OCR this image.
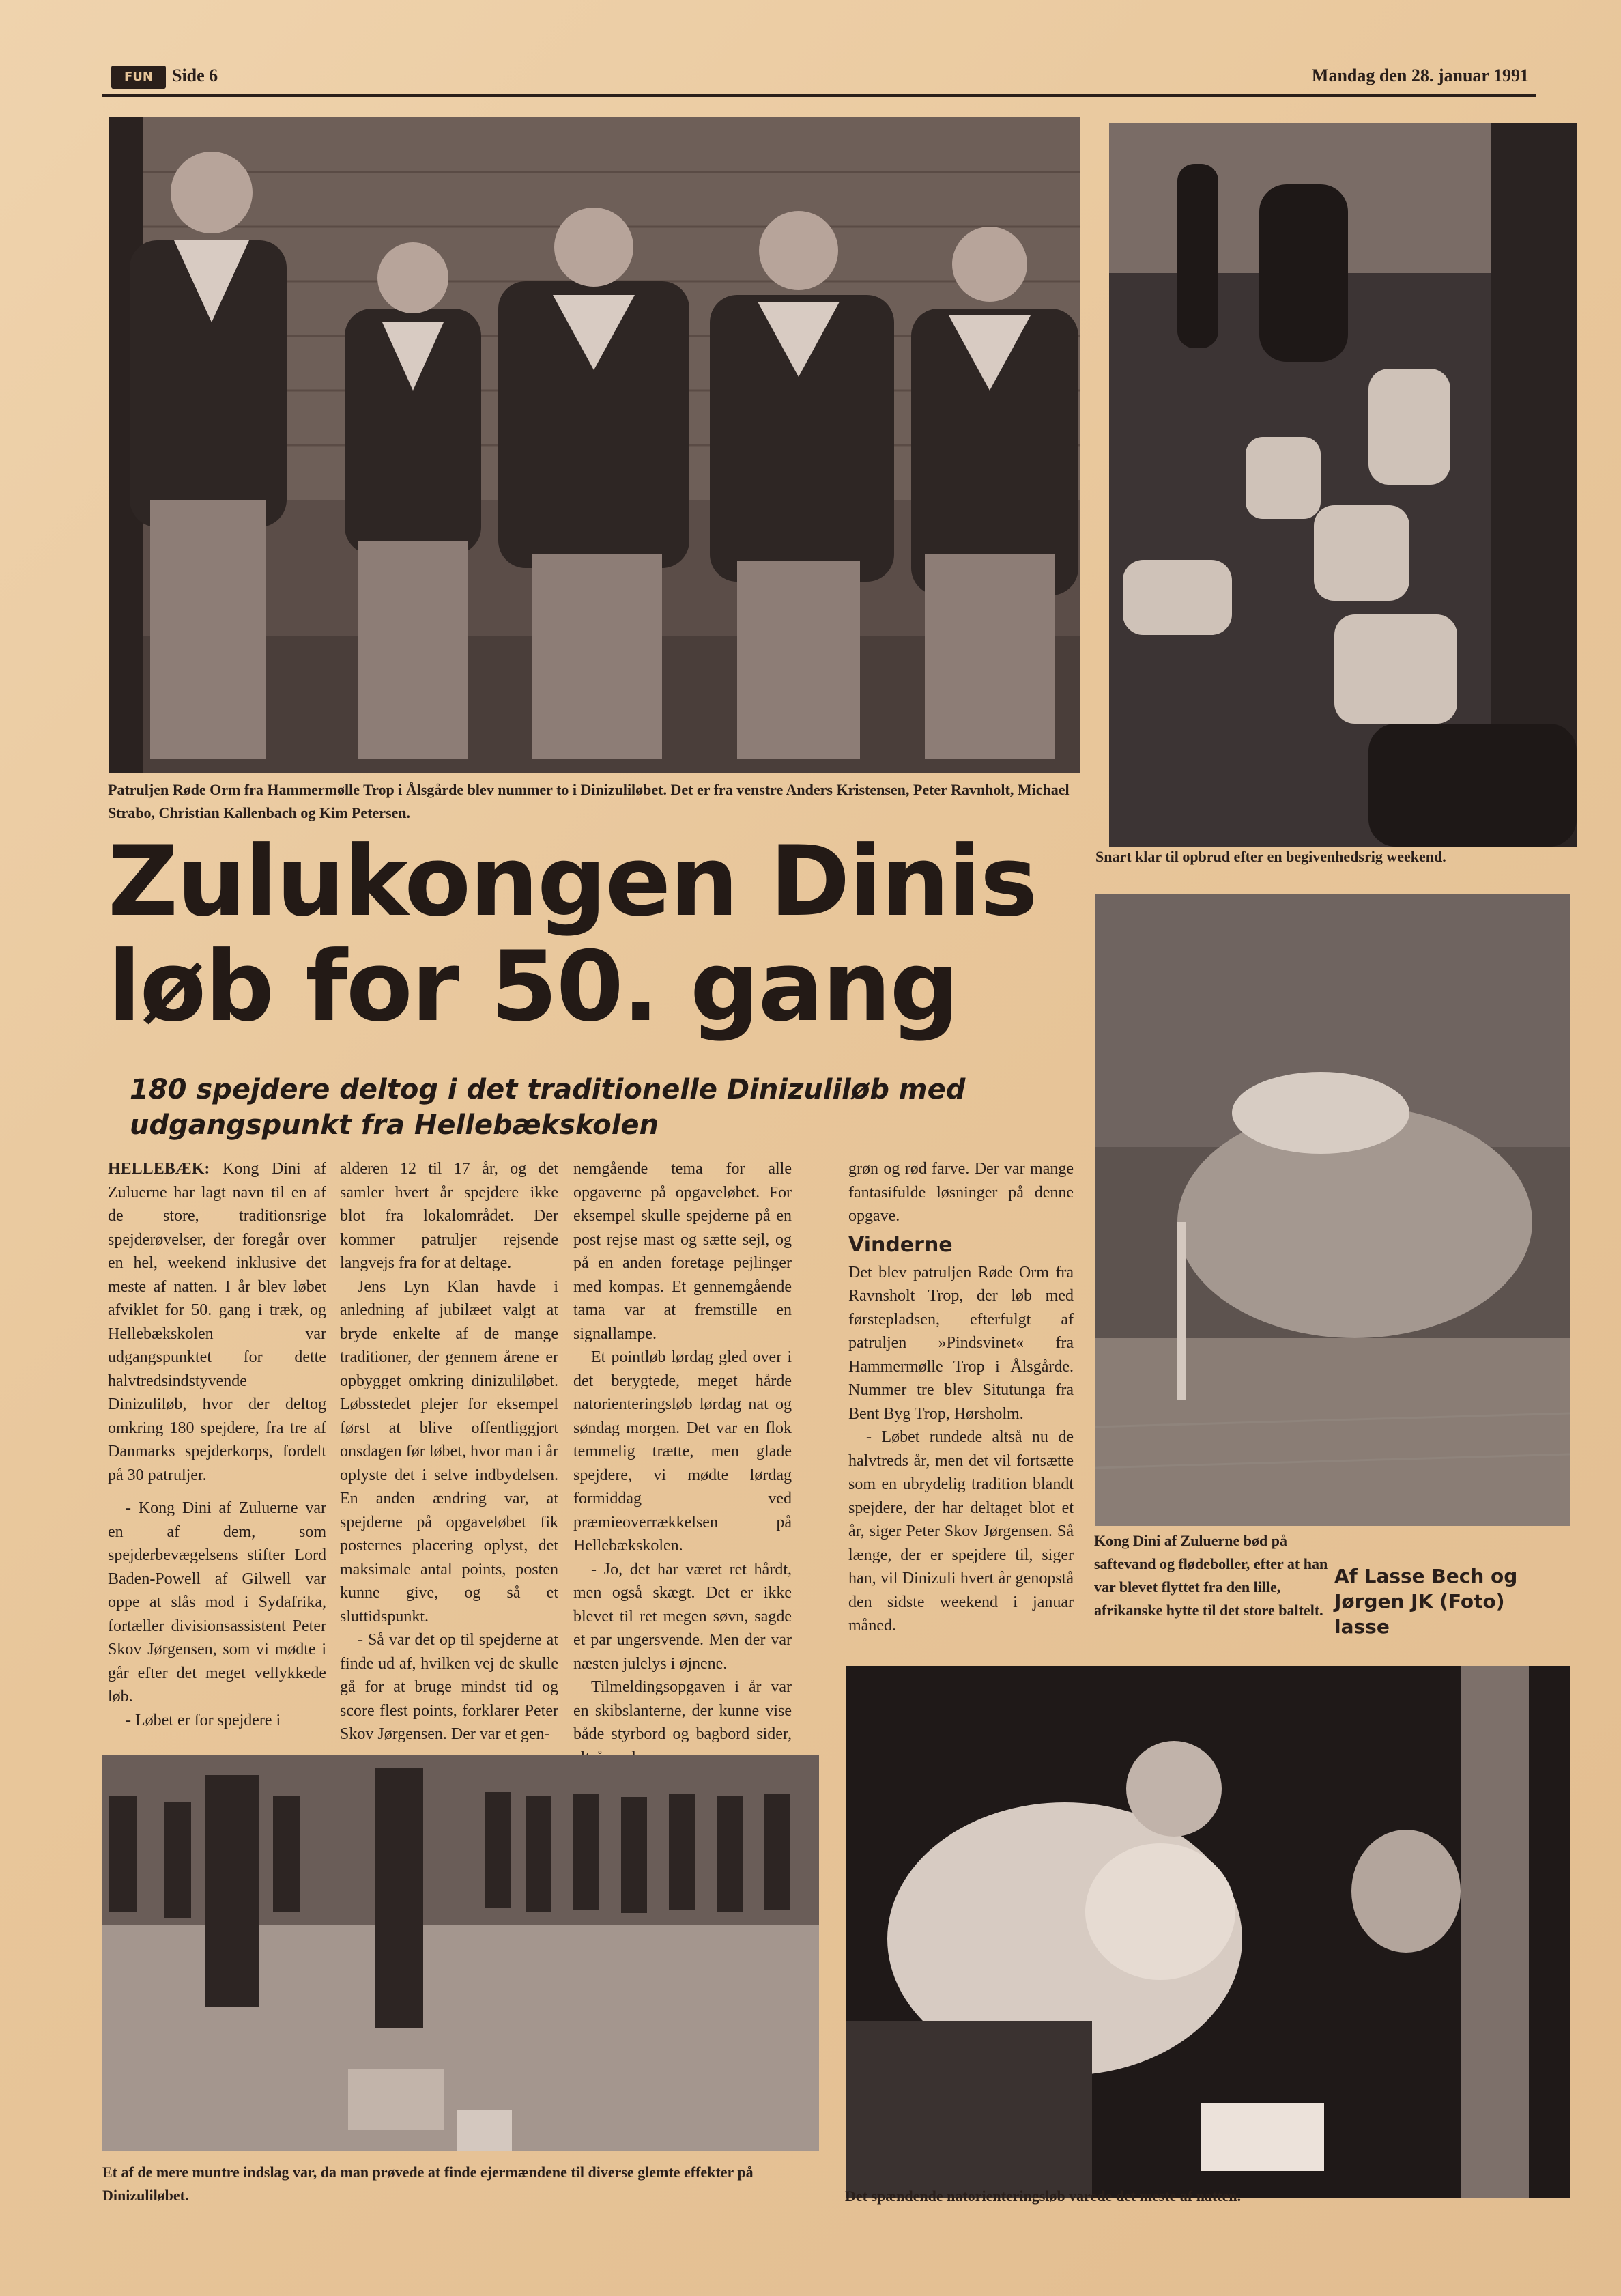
FUN	Side 6	Mandag den 28. januar 1991
Patruljen Røde Orm fra Hammermølle Trop i Ålsgårde blev nummer to i Dinizuliløbet. Det er fra venstre Anders Kristensen, Peter Ravnholt, Michael Strabo, Christian Kallenbach og Kim Petersen.
Snart klar til opbrud efter en begivenhedsrig weekend.
Kong Dini af Zuluerne bød på saftevand og flødeboller, efter at han var blevet flyttet fra den lille, afrikanske hytte til det store baltelt.
Af Lasse Bech og
Jørgen JK (Foto)
lasse
Zulukongen Dinis
løb for 50. gang
180 spejdere deltog i det traditionelle Dinizuliløb med udgangspunkt fra Hellebækskolen

HELLEBÆK: Kong Dini af Zuluerne har lagt navn til en af de store, traditionsrige spejderøvelser, der foregår over en hel, weekend inklusive det meste af natten. I år blev løbet afviklet for 50. gang i træk, og Hellebækskolen var udgangspunktet for dette halvtredsindstyvende Dinizuliløb, hvor der deltog omkring 180 spejdere, fra tre af Danmarks spejderkorps, fordelt på 30 patruljer.

- Kong Dini af Zuluerne var en af dem, som spejderbevægelsens stifter Lord Baden-Powell af Gilwell var oppe at slås mod i Sydafrika, fortæller divisionsassistent Peter Skov Jørgensen, som vi mødte i går efter det meget vellykkede løb.

- Løbet er for spejdere i

alderen 12 til 17 år, og det samler hvert år spejdere ikke blot fra lokalområdet. Der kommer patruljer rejsende langvejs fra for at deltage.

Jens Lyn Klan havde i anledning af jubilæet valgt at bryde enkelte af de mange traditioner, der gennem årene er opbygget omkring dinizuliløbet. Løbsstedet plejer for eksempel først at blive offentliggjort onsdagen før løbet, hvor man i år oplyste det i selve indbydelsen. En anden ændring var, at spejderne på opgaveløbet fik posternes placering oplyst, det maksimale antal points, posten kunne give, og så et sluttidspunkt.

- Så var det op til spejderne at finde ud af, hvilken vej de skulle gå for at bruge mindst tid og score flest points, forklarer Peter Skov Jørgensen. Der var et gen-

nemgående tema for alle opgaverne på opgaveløbet. For eksempel skulle spejderne på en post rejse mast og sætte sejl, og på en anden foretage pejlinger med kompas. Et gennemgående tama var at fremstille en signallampe.

Et pointløb lørdag gled over i det berygtede, meget hårde natorienteringsløb lørdag nat og søndag morgen. Det var en flok temmelig trætte, men glade spejdere, vi mødte lørdag formiddag ved præmieoverrækkelsen på Hellebækskolen.

- Jo, det har været ret hårdt, men også skægt. Det er ikke blevet til ret megen søvn, sagde et par ungersvende. Men der var næsten julelys i øjnene.

Tilmeldingsopgaven i år var en skibslanterne, der kunne vise både styrbord og bagbord sider,

grøn og rød farve. Der var mange fantasifulde løsninger på denne opgave.

Vinderne

Det blev patruljen Røde Orm fra Ravnsholt Trop, der løb med førstepladsen, efterfulgt af patruljen »Pindsvinet« fra Hammermølle Trop i Ålsgårde. Nummer tre blev Situtunga fra Bent Byg Trop, Hørsholm.

- Løbet rundede altså nu de halvtreds år, men det vil fortsætte som en ubrydelig tradition blandt spejdere, der har deltaget blot et år, siger Peter Skov Jørgensen. Så længe, der er spejdere til, siger han, vil Dinizuli hvert år genopstå den sidste weekend i januar måned.

Et af de mere muntre indslag var, da man prøvede at finde ejermændene til diverse glemte effekter på Dinizuliløbet.	Det spændende natorienteringsløb varede det meste af natten.
